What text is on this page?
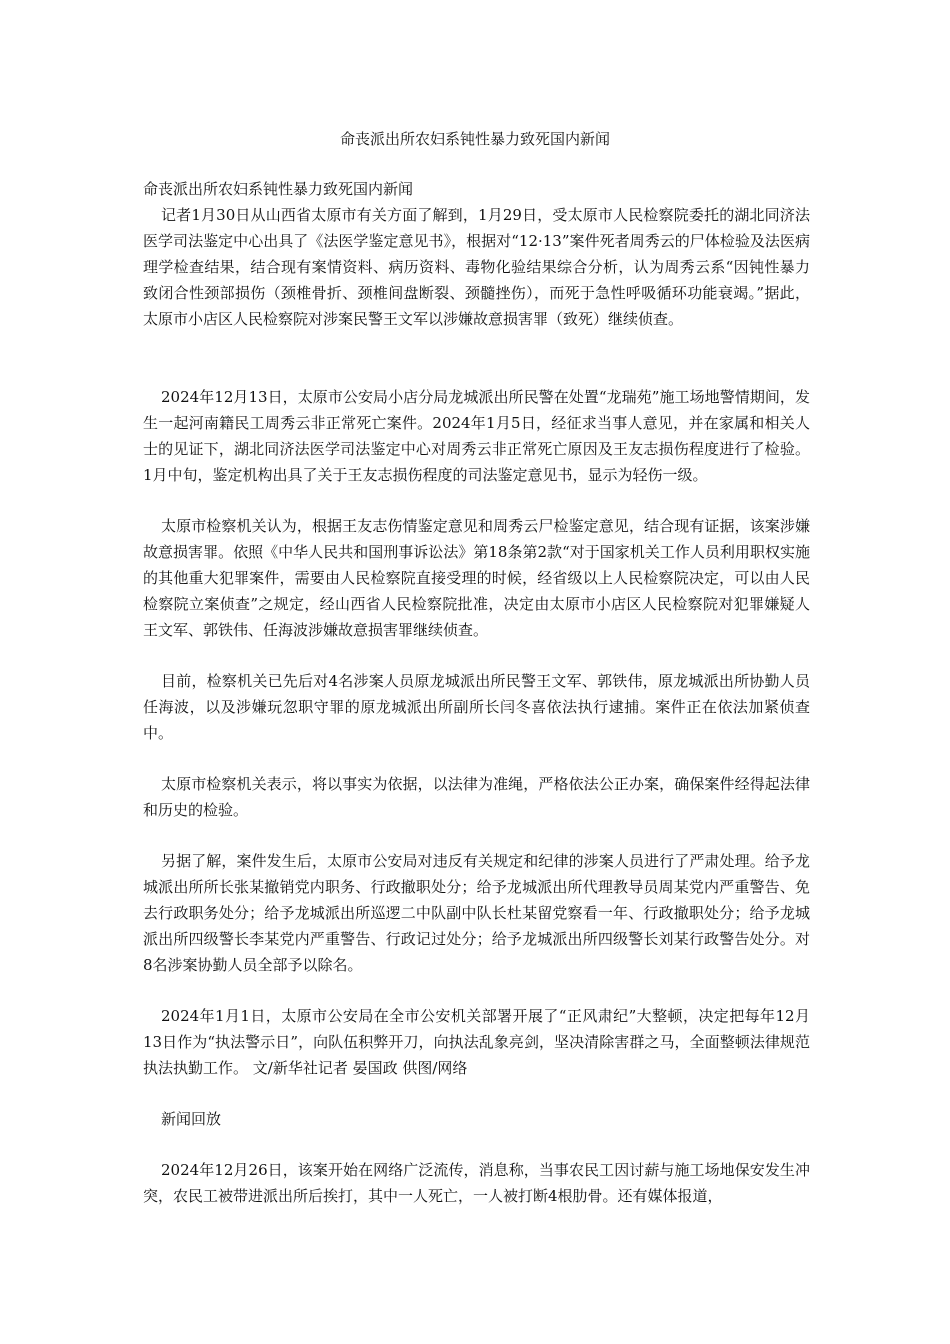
命丧派出所农妇系钝性暴力致死国内新闻
命丧派出所农妇系钝性暴力致死国内新闻

记者1月30日从山西省太原市有关方面了解到，1月29日，受太原市人民检察院委托的湖北同济法医学司法鉴定中心出具了《法医学鉴定意见书》，根据对“12·13”案件死者周秀云的尸体检验及法医病理学检查结果，结合现有案情资料、病历资料、毒物化验结果综合分析，认为周秀云系“因钝性暴力致闭合性颈部损伤（颈椎骨折、颈椎间盘断裂、颈髓挫伤），而死于急性呼吸循环功能衰竭。”据此，太原市小店区人民检察院对涉案民警王文军以涉嫌故意损害罪（致死）继续侦查。

2024年12月13日，太原市公安局小店分局龙城派出所民警在处置“龙瑞苑”施工场地警情期间，发生一起河南籍民工周秀云非正常死亡案件。2024年1月5日，经征求当事人意见，并在家属和相关人士的见证下，湖北同济法医学司法鉴定中心对周秀云非正常死亡原因及王友志损伤程度进行了检验。1月中旬，鉴定机构出具了关于王友志损伤程度的司法鉴定意见书，显示为轻伤一级。

太原市检察机关认为，根据王友志伤情鉴定意见和周秀云尸检鉴定意见，结合现有证据，该案涉嫌故意损害罪。依照《中华人民共和国刑事诉讼法》第18条第2款“对于国家机关工作人员利用职权实施的其他重大犯罪案件，需要由人民检察院直接受理的时候，经省级以上人民检察院决定，可以由人民检察院立案侦查”之规定，经山西省人民检察院批准，决定由太原市小店区人民检察院对犯罪嫌疑人王文军、郭铁伟、任海波涉嫌故意损害罪继续侦查。

目前，检察机关已先后对4名涉案人员原龙城派出所民警王文军、郭铁伟，原龙城派出所协勤人员任海波，以及涉嫌玩忽职守罪的原龙城派出所副所长闫冬喜依法执行逮捕。案件正在依法加紧侦查中。

太原市检察机关表示，将以事实为依据，以法律为准绳，严格依法公正办案，确保案件经得起法律和历史的检验。

另据了解，案件发生后，太原市公安局对违反有关规定和纪律的涉案人员进行了严肃处理。给予龙城派出所所长张某撤销党内职务、行政撤职处分；给予龙城派出所代理教导员周某党内严重警告、免去行政职务处分；给予龙城派出所巡逻二中队副中队长杜某留党察看一年、行政撤职处分；给予龙城派出所四级警长李某党内严重警告、行政记过处分；给予龙城派出所四级警长刘某行政警告处分。对8名涉案协勤人员全部予以除名。

2024年1月1日，太原市公安局在全市公安机关部署开展了“正风肃纪”大整顿，决定把每年12月13日作为“执法警示日”，向队伍积弊开刀，向执法乱象亮剑，坚决清除害群之马，全面整顿法律规范执法执勤工作。 文/新华社记者 晏国政 供图/网络

新闻回放

2024年12月26日，该案开始在网络广泛流传，消息称，当事农民工因讨薪与施工场地保安发生冲突，农民工被带进派出所后挨打，其中一人死亡，一人被打断4根肋骨。还有媒体报道，
